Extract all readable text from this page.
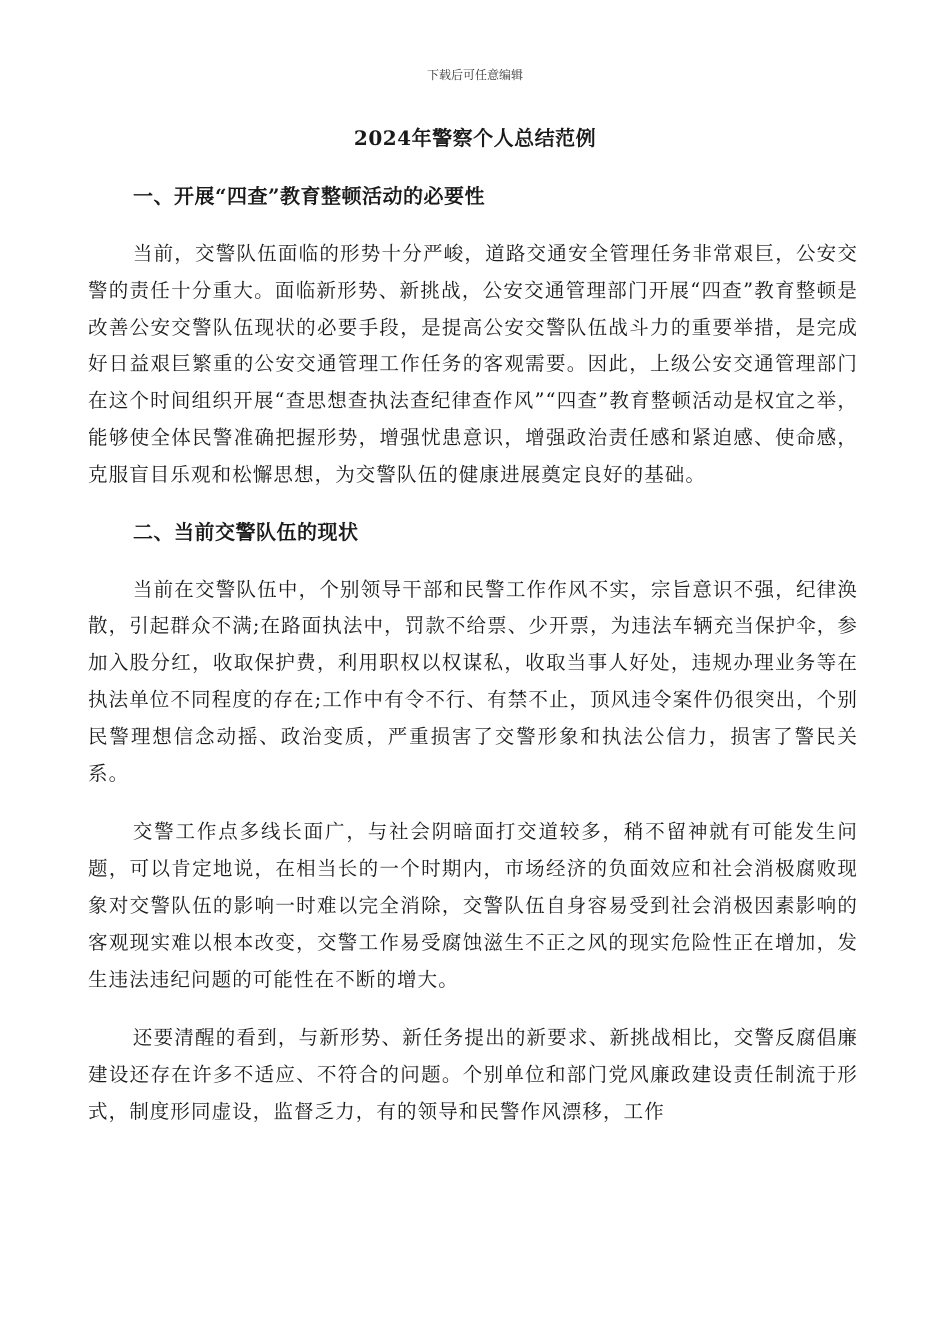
下载后可任意编辑
2024年警察个人总结范例
一、开展“四查”教育整顿活动的必要性

当前，交警队伍面临的形势十分严峻，道路交通安全管理任务非常艰巨，公安交警的责任十分重大。面临新形势、新挑战，公安交通管理部门开展“四查”教育整顿是改善公安交警队伍现状的必要手段，是提高公安交警队伍战斗力的重要举措，是完成好日益艰巨繁重的公安交通管理工作任务的客观需要。因此，上级公安交通管理部门在这个时间组织开展“查思想查执法查纪律查作风”“四查”教育整顿活动是权宜之举，能够使全体民警准确把握形势，增强忧患意识，增强政治责任感和紧迫感、使命感，克服盲目乐观和松懈思想，为交警队伍的健康进展奠定良好的基础。

二、当前交警队伍的现状

当前在交警队伍中，个别领导干部和民警工作作风不实，宗旨意识不强，纪律涣散，引起群众不满;在路面执法中，罚款不给票、少开票，为违法车辆充当保护伞，参加入股分红，收取保护费，利用职权以权谋私，收取当事人好处，违规办理业务等在执法单位不同程度的存在;工作中有令不行、有禁不止，顶风违令案件仍很突出，个别民警理想信念动摇、政治变质，严重损害了交警形象和执法公信力，损害了警民关系。

交警工作点多线长面广，与社会阴暗面打交道较多，稍不留神就有可能发生问题，可以肯定地说，在相当长的一个时期内，市场经济的负面效应和社会消极腐败现象对交警队伍的影响一时难以完全消除，交警队伍自身容易受到社会消极因素影响的客观现实难以根本改变，交警工作易受腐蚀滋生不正之风的现实危险性正在增加，发生违法违纪问题的可能性在不断的增大。

还要清醒的看到，与新形势、新任务提出的新要求、新挑战相比，交警反腐倡廉建设还存在许多不适应、不符合的问题。个别单位和部门党风廉政建设责任制流于形式，制度形同虚设，监督乏力，有的领导和民警作风漂移，工作
